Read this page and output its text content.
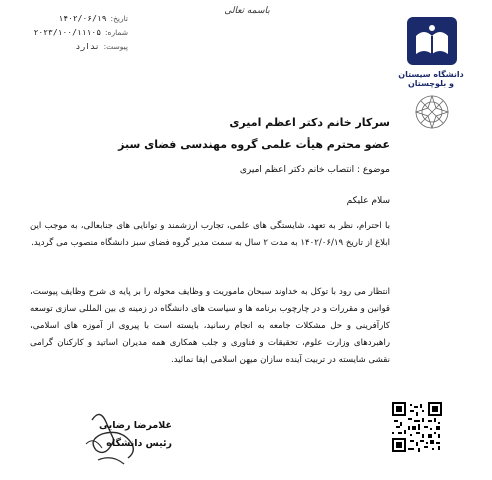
باسمه تعالی
تاریخ:
۱۴۰۲/۰۶/۱۹
شماره:
۲۰۲۳/۱۰۰/۱۱۱۰۵
پیوست:
ندارد
دانشگاه سیستان و بلوچستان
سرکار خانم دکتر اعظم امیری
عضو محترم هیأت علمی گروه مهندسی فضای سبز
موضوع : انتصاب خانم دکتر اعظم امیری
سلام علیکم
با احترام، نظر به تعهد، شایستگی های علمی، تجارب ارزشمند و توانایی های جنابعالی، به موجب این ابلاغ از تاریخ ۱۴۰۲/۰۶/۱۹ به مدت ۲ سال به سمت مدیر گروه فضای سبز دانشگاه منصوب می گردید.
انتظار می رود با توکل به خداوند سبحان ماموریت و وظایف محوله را بر پایه ی شرح وظایف پیوست، قوانین و مقررات و در چارچوب برنامه ها و سیاست های دانشگاه در زمینه ی بین المللی سازی توسعه کارآفرینی و حل مشکلات جامعه به انجام رسانید، بایسته است با پیروی از آموزه های اسلامی، راهبردهای وزارت علوم، تحقیقات و فناوری و جلب همکاری همه مدیران اساتید و کارکنان گرامی نقشی شایسته در تربیت آینده سازان میهن اسلامی ایفا نمائید.
غلامرضا رضایی
رئیس دانشگاه
